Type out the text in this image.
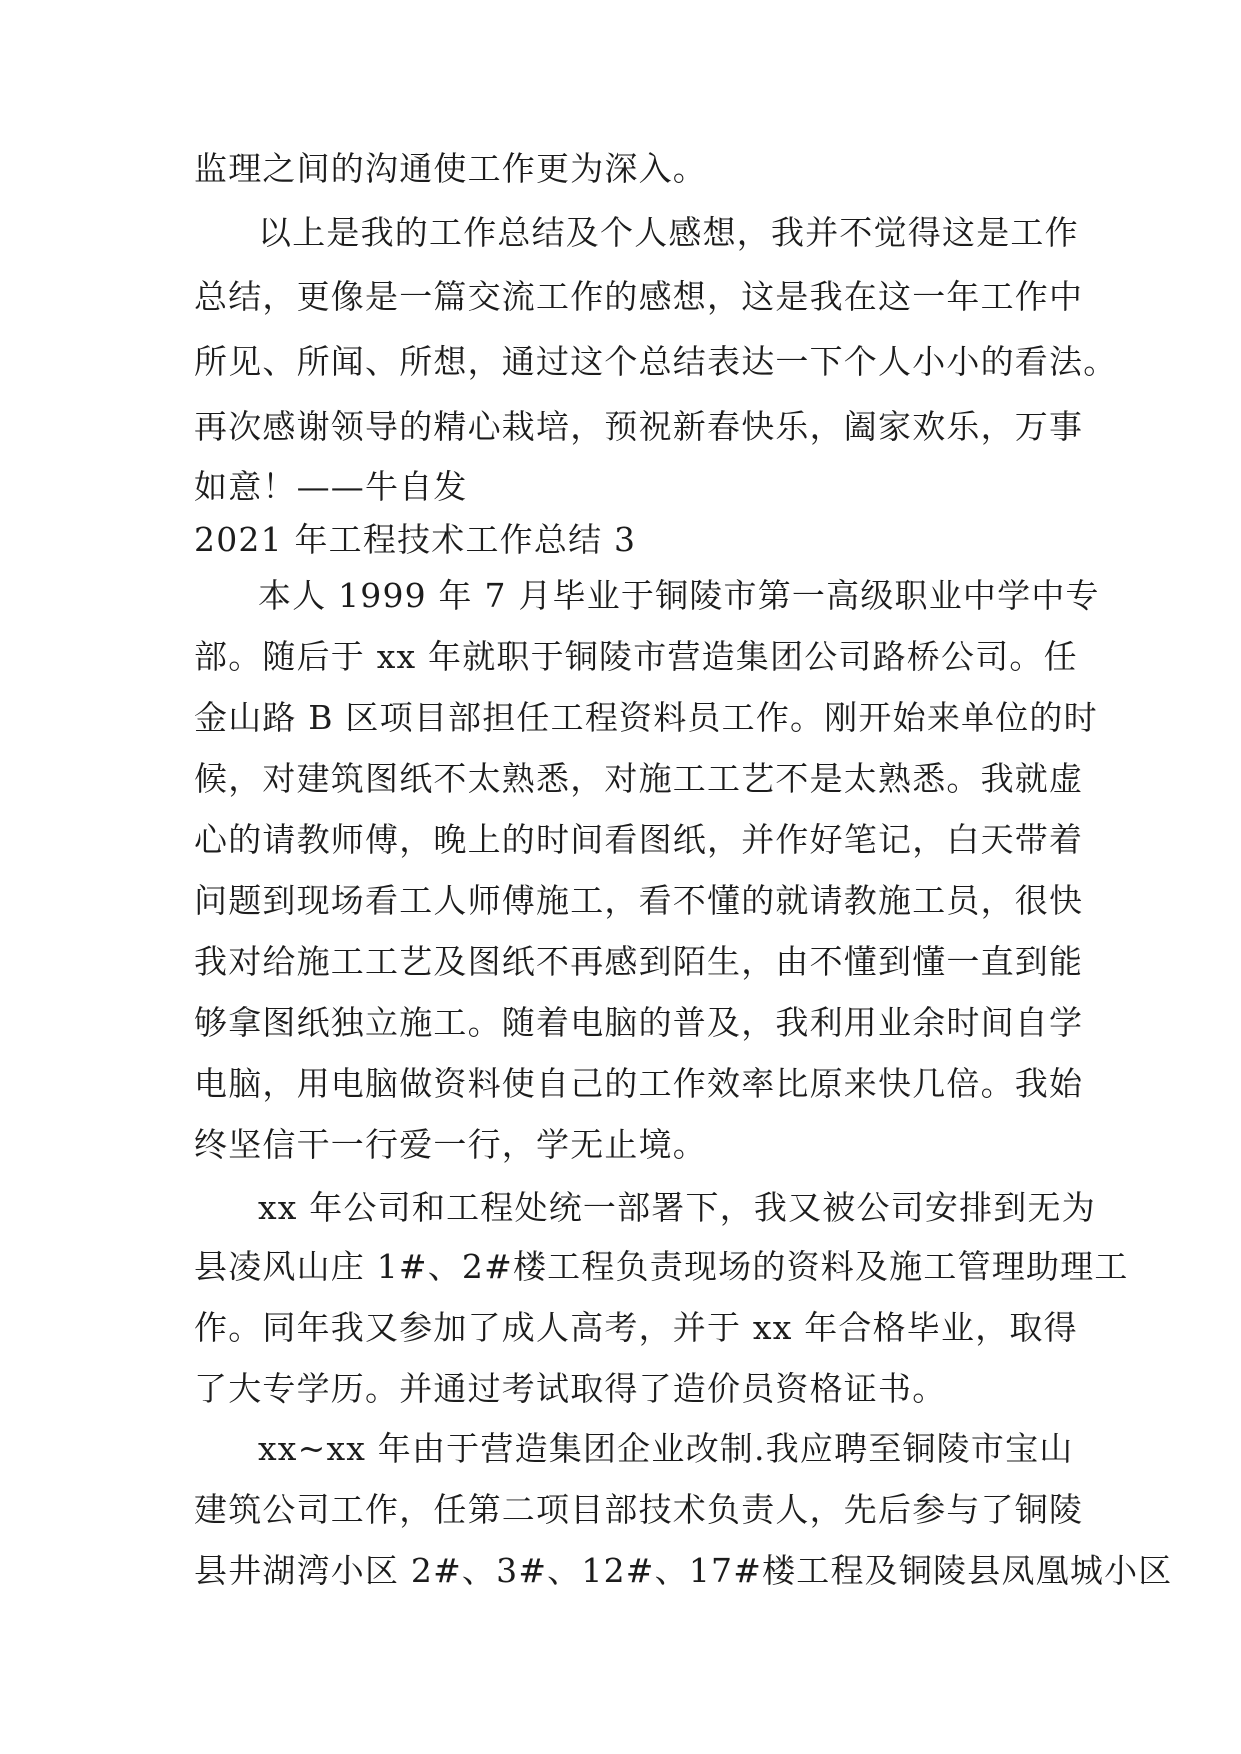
监理之间的沟通使工作更为深入。
以上是我的工作总结及个人感想，我并不觉得这是工作
总结，更像是一篇交流工作的感想，这是我在这一年工作中
所见、所闻、所想，通过这个总结表达一下个人小小的看法。
再次感谢领导的精心栽培，预祝新春快乐，阖家欢乐，万事
如意！——牛自发
2021 年工程技术工作总结 3
本人 1999 年 7 月毕业于铜陵市第一高级职业中学中专
部。随后于 xx 年就职于铜陵市营造集团公司路桥公司。任
金山路 B 区项目部担任工程资料员工作。刚开始来单位的时
候，对建筑图纸不太熟悉，对施工工艺不是太熟悉。我就虚
心的请教师傅，晚上的时间看图纸，并作好笔记，白天带着
问题到现场看工人师傅施工，看不懂的就请教施工员，很快
我对给施工工艺及图纸不再感到陌生，由不懂到懂一直到能
够拿图纸独立施工。随着电脑的普及，我利用业余时间自学
电脑，用电脑做资料使自己的工作效率比原来快几倍。我始
终坚信干一行爱一行，学无止境。
xx 年公司和工程处统一部署下，我又被公司安排到无为
县凌风山庄 1#、2#楼工程负责现场的资料及施工管理助理工
作。同年我又参加了成人高考，并于 xx 年合格毕业，取得
了大专学历。并通过考试取得了造价员资格证书。
xx~xx 年由于营造集团企业改制.我应聘至铜陵市宝山
建筑公司工作，任第二项目部技术负责人，先后参与了铜陵
县井湖湾小区 2#、3#、12#、17#楼工程及铜陵县凤凰城小区
